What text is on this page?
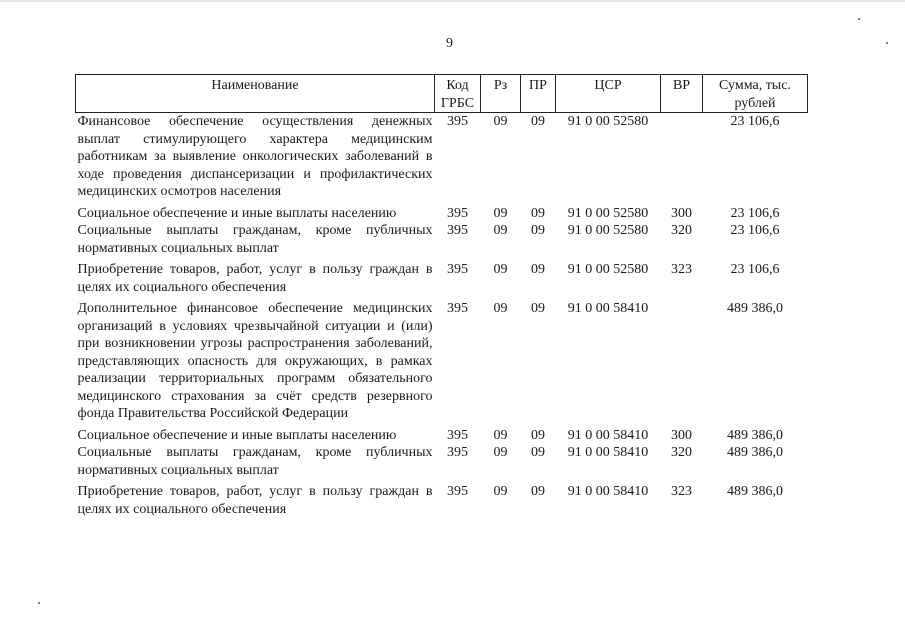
9
Наименование	Код ГРБС	Рз	ПР	ЦСР	ВР	Сумма, тыс. рублей
Финансовое обеспечение осуществления денежных выплат стимулирующего характера медицинским работникам за выявление онкологических заболеваний в ходе проведения диспансеризации и профилактических медицинских осмотров населения	395	09	09	91 0 00 52580		23 106,6
Социальное обеспечение и иные выплаты населению	395	09	09	91 0 00 52580	300	23 106,6
Социальные выплаты гражданам, кроме публичных нормативных социальных выплат	395	09	09	91 0 00 52580	320	23 106,6
Приобретение товаров, работ, услуг в пользу граждан в целях их социального обеспечения	395	09	09	91 0 00 52580	323	23 106,6
Дополнительное финансовое обеспечение медицинских организаций в условиях чрезвычайной ситуации и (или) при возникновении угрозы распространения заболеваний, представляющих опасность для окружающих, в рамках реализации территориальных программ обязательного медицинского страхования за счёт средств резервного фонда Правительства Российской Федерации	395	09	09	91 0 00 58410		489 386,0
Социальное обеспечение и иные выплаты населению	395	09	09	91 0 00 58410	300	489 386,0
Социальные выплаты гражданам, кроме публичных нормативных социальных выплат	395	09	09	91 0 00 58410	320	489 386,0
Приобретение товаров, работ, услуг в пользу граждан в целях их социального обеспечения	395	09	09	91 0 00 58410	323	489 386,0
